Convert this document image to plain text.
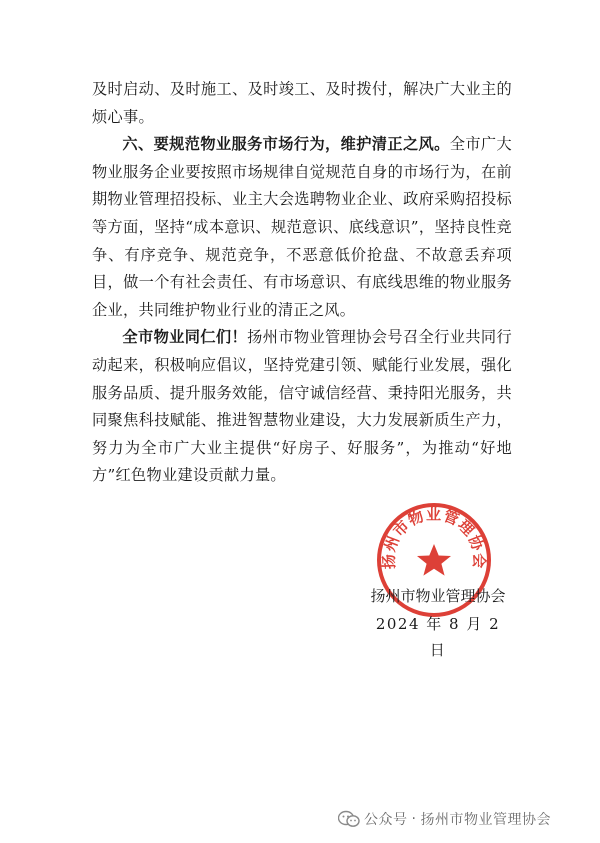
及时启动、及时施工、及时竣工、及时拨付，解决广大业主的烦心事。

六、要规范物业服务市场行为，维护清正之风。全市广大物业服务企业要按照市场规律自觉规范自身的市场行为，在前期物业管理招投标、业主大会选聘物业企业、政府采购招投标等方面，坚持“成本意识、规范意识、底线意识”，坚持良性竞争、有序竞争、规范竞争，不恶意低价抢盘、不故意丢弃项目，做一个有社会责任、有市场意识、有底线思维的物业服务企业，共同维护物业行业的清正之风。

全市物业同仁们！扬州市物业管理协会号召全行业共同行动起来，积极响应倡议，坚持党建引领、赋能行业发展，强化服务品质、提升服务效能，信守诚信经营、秉持阳光服务，共同聚焦科技赋能、推进智慧物业建设，大力发展新质生产力，努力为全市广大业主提供“好房子、好服务”，为推动“好地方”红色物业建设贡献力量。

扬州市物业管理协会
扬州市物业管理协会
2024 年 8 月 2 日
公众号 · 扬州市物业管理协会
